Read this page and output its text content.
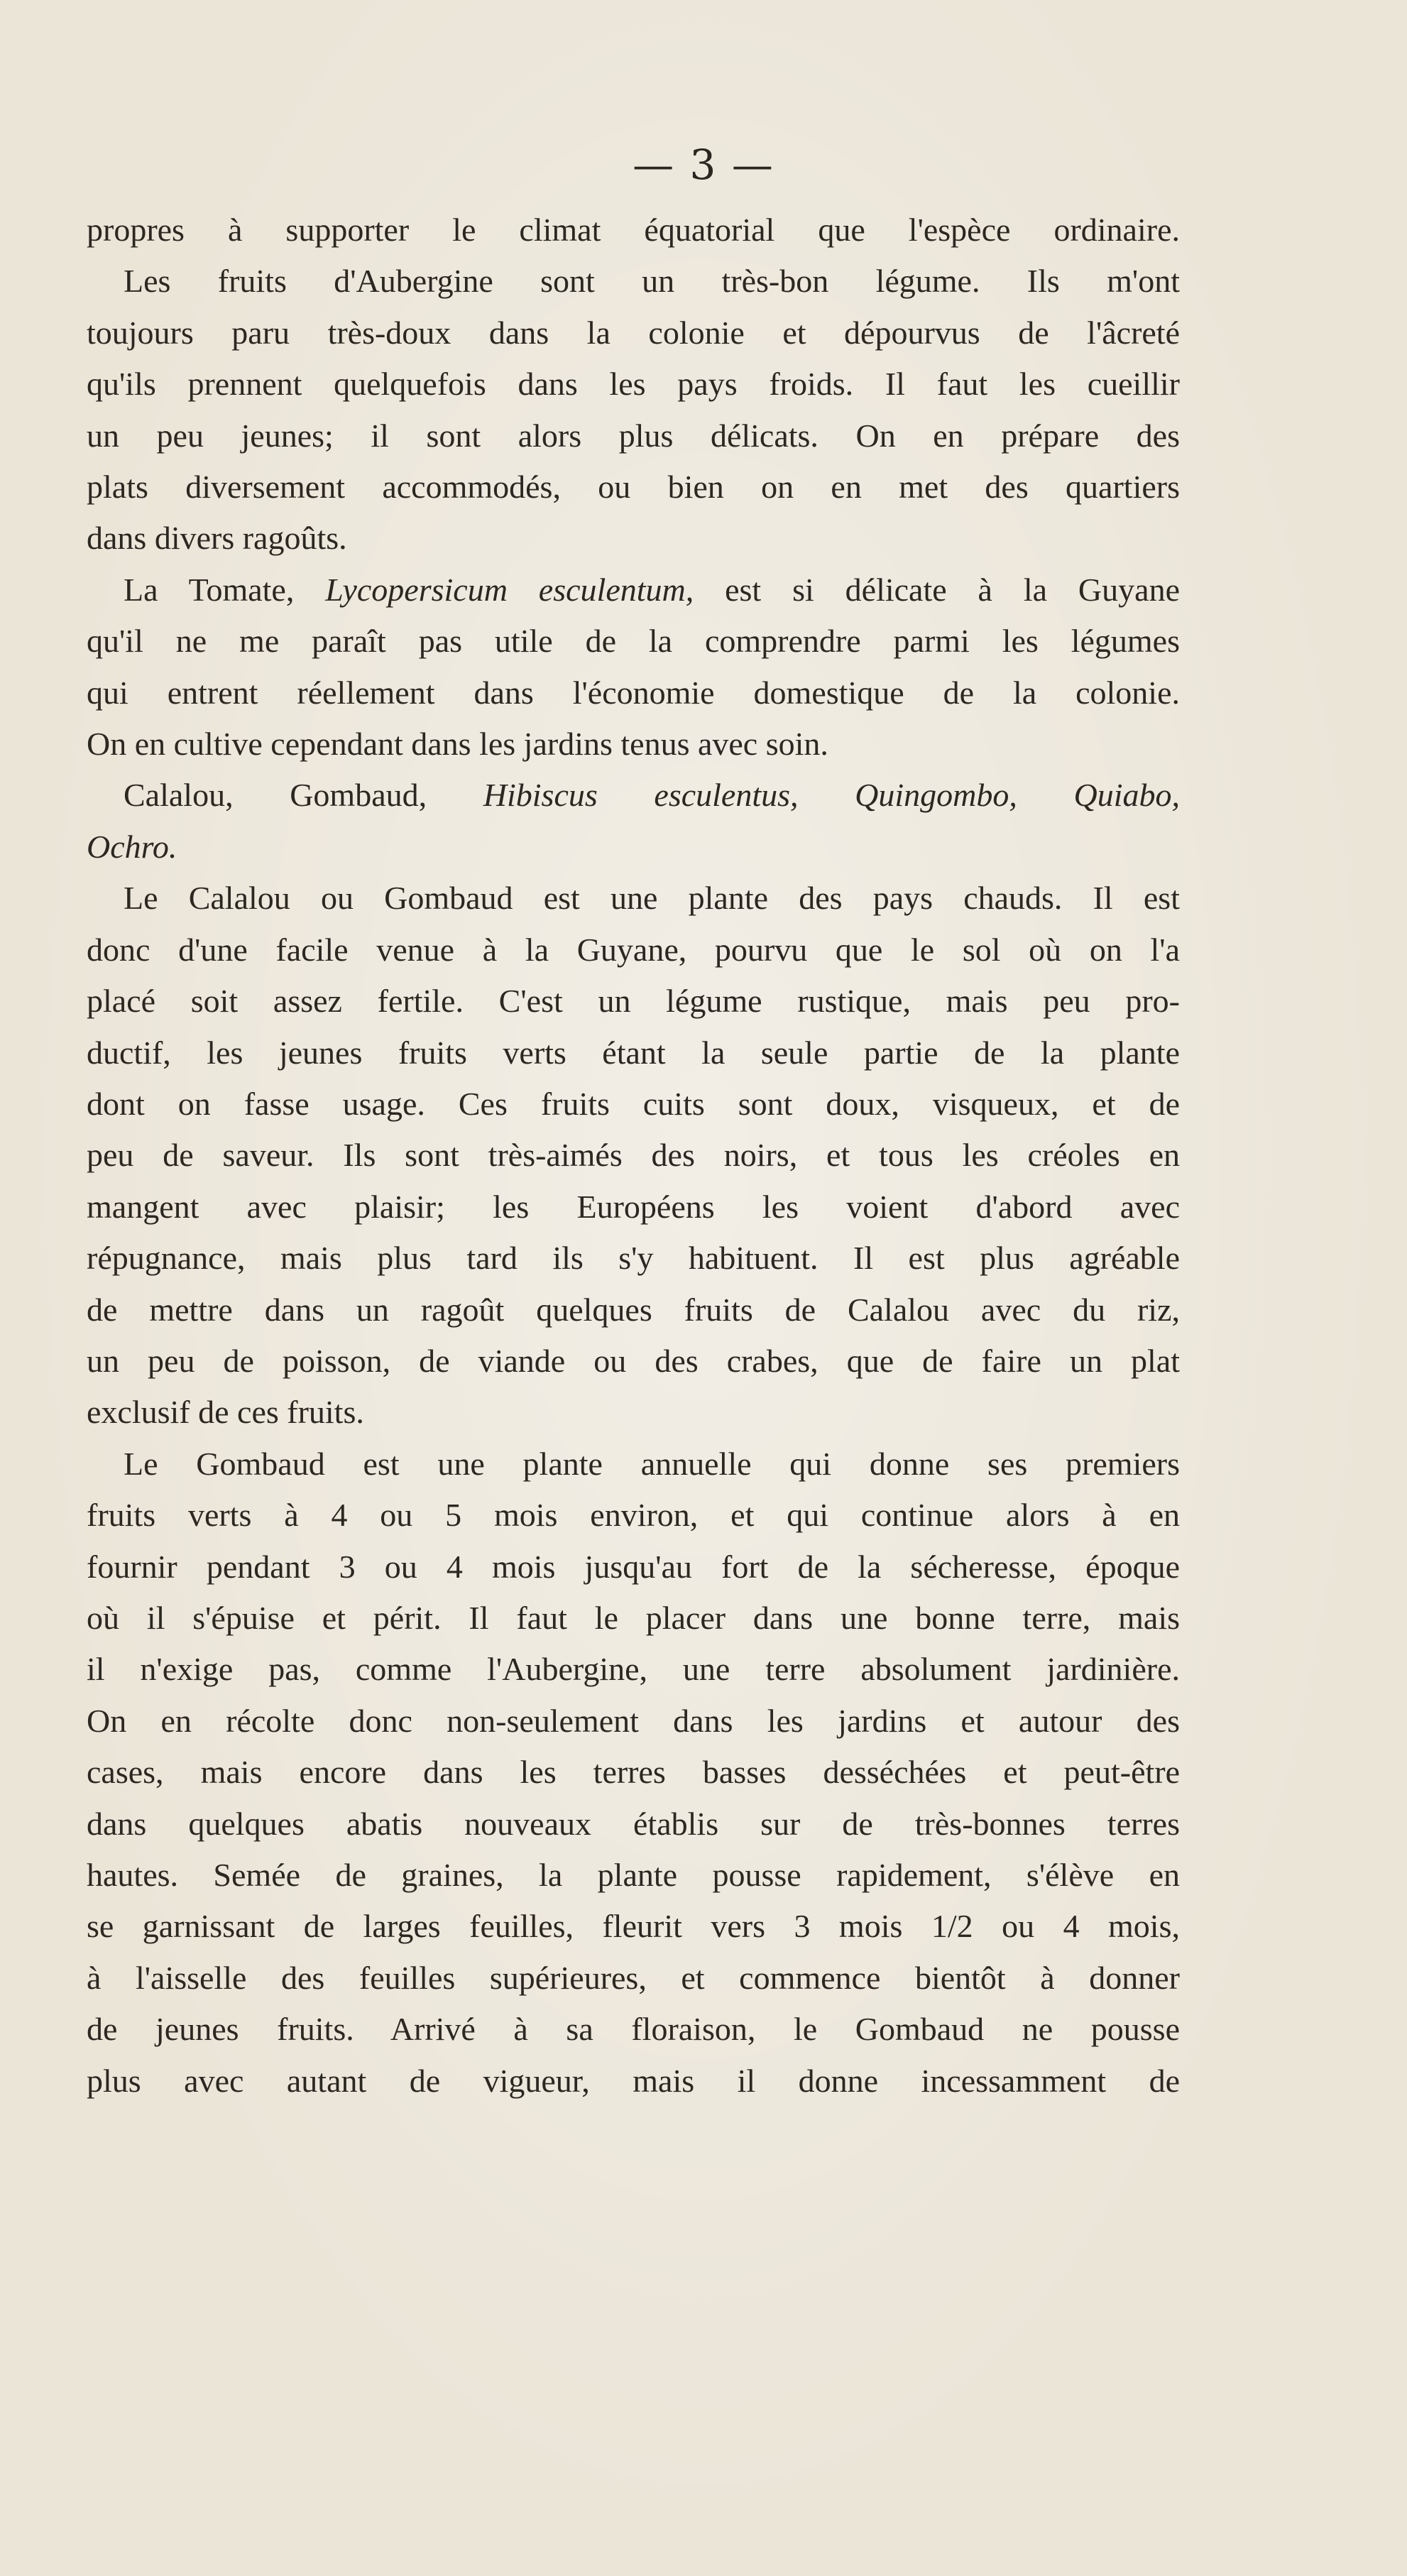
— 3 —
propres à supporter le climat équatorial que l'espèce ordinaire.
Les fruits d'Aubergine sont un très-bon légume. Ils m'ont
toujours paru très-doux dans la colonie et dépourvus de l'âcreté
qu'ils prennent quelquefois dans les pays froids. Il faut les cueillir
un peu jeunes; il sont alors plus délicats. On en prépare des
plats diversement accommodés, ou bien on en met des quartiers
dans divers ragoûts.
La Tomate, Lycopersicum esculentum, est si délicate à la Guyane
qu'il ne me paraît pas utile de la comprendre parmi les légumes
qui entrent réellement dans l'économie domestique de la colonie.
On en cultive cependant dans les jardins tenus avec soin.
Calalou, Gombaud, Hibiscus esculentus, Quingombo, Quiabo,
Ochro.
Le Calalou ou Gombaud est une plante des pays chauds. Il est
donc d'une facile venue à la Guyane, pourvu que le sol où on l'a
placé soit assez fertile. C'est un légume rustique, mais peu pro-
ductif, les jeunes fruits verts étant la seule partie de la plante
dont on fasse usage. Ces fruits cuits sont doux, visqueux, et de
peu de saveur. Ils sont très-aimés des noirs, et tous les créoles en
mangent avec plaisir; les Européens les voient d'abord avec
répugnance, mais plus tard ils s'y habituent. Il est plus agréable
de mettre dans un ragoût quelques fruits de Calalou avec du riz,
un peu de poisson, de viande ou des crabes, que de faire un plat
exclusif de ces fruits.
Le Gombaud est une plante annuelle qui donne ses premiers
fruits verts à 4 ou 5 mois environ, et qui continue alors à en
fournir pendant 3 ou 4 mois jusqu'au fort de la sécheresse, époque
où il s'épuise et périt. Il faut le placer dans une bonne terre, mais
il n'exige pas, comme l'Aubergine, une terre absolument jardinière.
On en récolte donc non-seulement dans les jardins et autour des
cases, mais encore dans les terres basses desséchées et peut-être
dans quelques abatis nouveaux établis sur de très-bonnes terres
hautes. Semée de graines, la plante pousse rapidement, s'élève en
se garnissant de larges feuilles, fleurit vers 3 mois 1/2 ou 4 mois,
à l'aisselle des feuilles supérieures, et commence bientôt à donner
de jeunes fruits. Arrivé à sa floraison, le Gombaud ne pousse
plus avec autant de vigueur, mais il donne incessamment de
